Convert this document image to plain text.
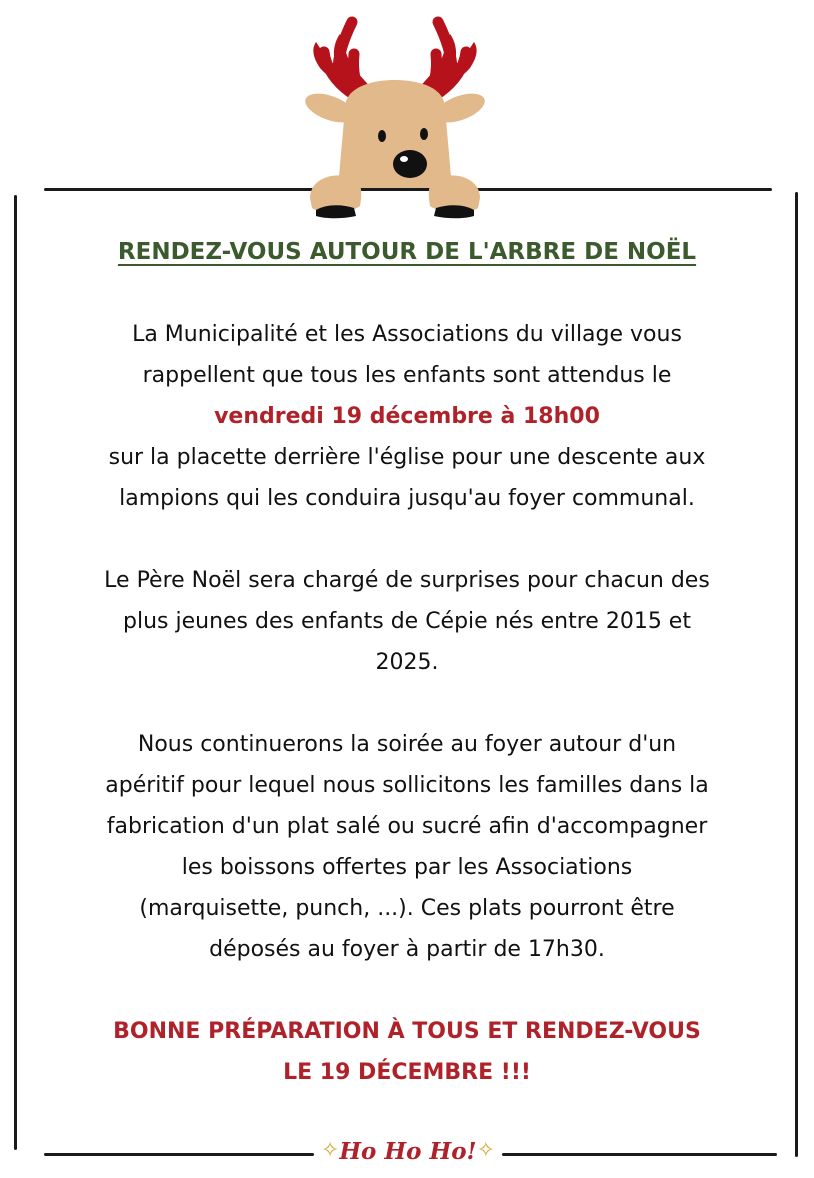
RENDEZ-VOUS AUTOUR DE L'ARBRE DE NOËL
La Municipalité et les Associations du village vous
rappellent que tous les enfants sont attendus le
vendredi 19 décembre à 18h00
sur la placette derrière l'église pour une descente aux
lampions qui les conduira jusqu'au foyer communal.
Le Père Noël sera chargé de surprises pour chacun des
plus jeunes des enfants de Cépie nés entre 2015 et
2025.
Nous continuerons la soirée au foyer autour d'un
apéritif pour lequel nous sollicitons les familles dans la
fabrication d'un plat salé ou sucré afin d'accompagner
les boissons offertes par les Associations
(marquisette, punch, ...). Ces plats pourront être
déposés au foyer à partir de 17h30.
BONNE PRÉPARATION À TOUS ET RENDEZ-VOUS
LE 19 DÉCEMBRE !!!
✧ Ho Ho Ho! ✧
